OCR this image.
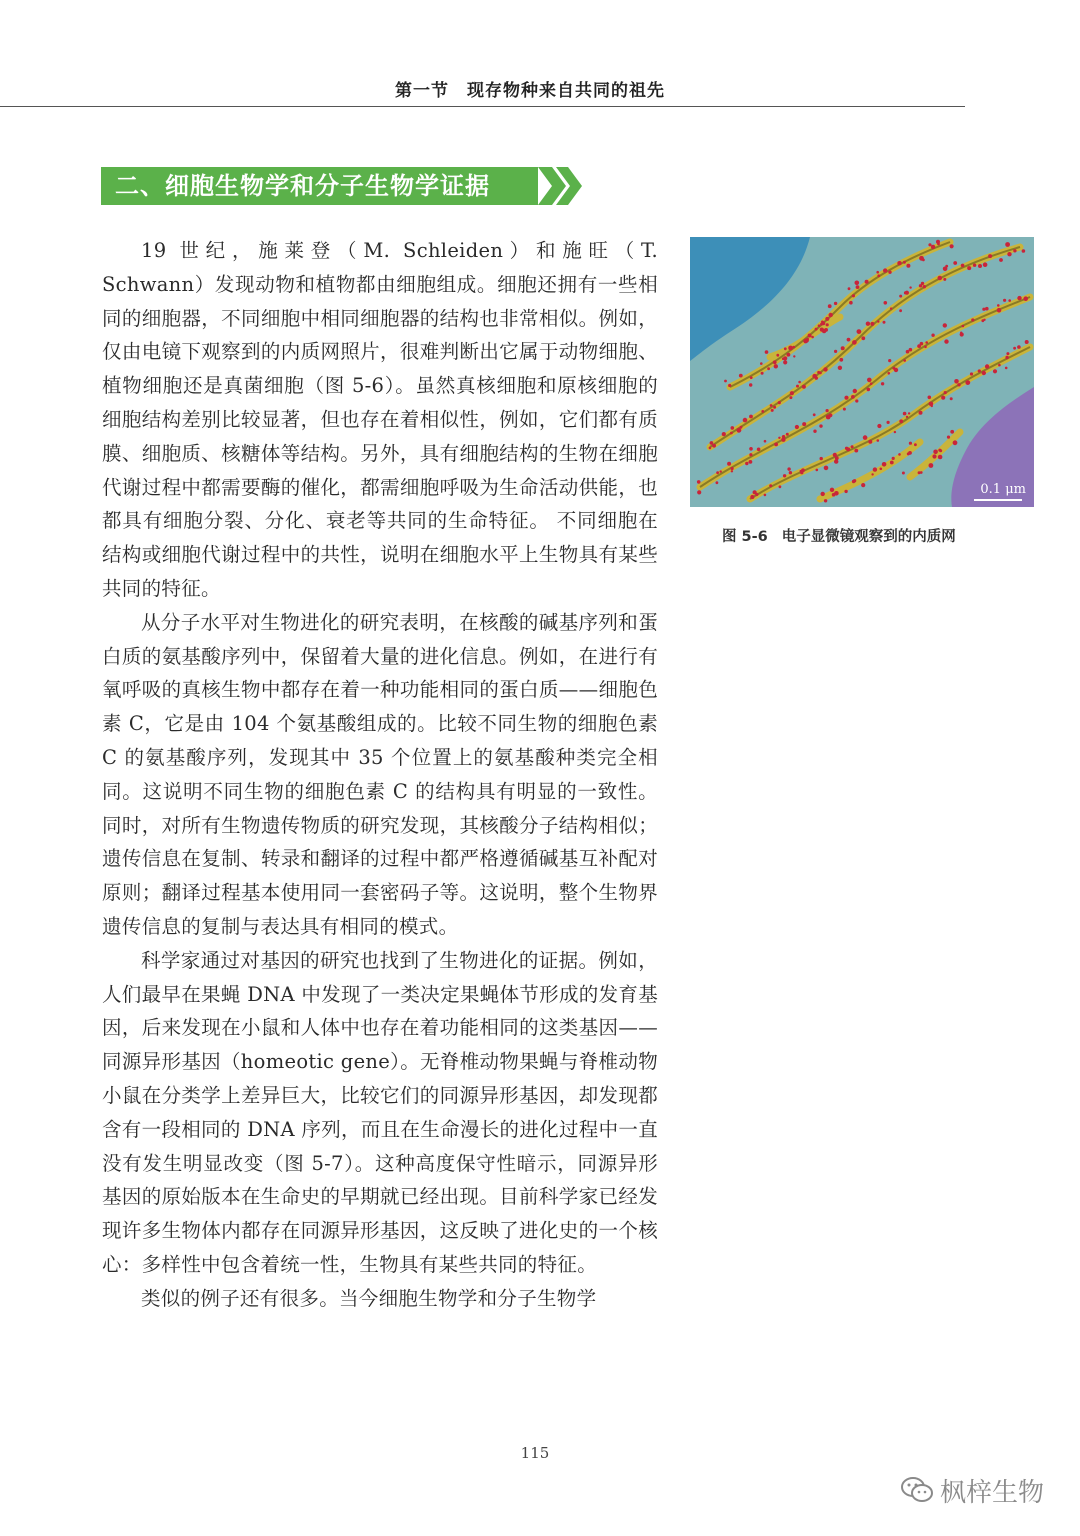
第一节 现存物种来自共同的祖先
二、细胞生物学和分子生物学证据

19 世纪，施莱登（M. Schleiden）和施旺（T. Schwann）发现动物和植物都由细胞组成。细胞还拥有一些相同的细胞器，不同细胞中相同细胞器的结构也非常相似。例如，仅由电镜下观察到的内质网照片，很难判断出它属于动物细胞、植物细胞还是真菌细胞（图 5-6）。虽然真核细胞和原核细胞的细胞结构差别比较显著，但也存在着相似性，例如，它们都有质膜、细胞质、核糖体等结构。另外，具有细胞结构的生物在细胞代谢过程中都需要酶的催化，都需细胞呼吸为生命活动供能，也都具有细胞分裂、分化、衰老等共同的生命特征。 不同细胞在结构或细胞代谢过程中的共性，说明在细胞水平上生物具有某些共同的特征。

从分子水平对生物进化的研究表明，在核酸的碱基序列和蛋白质的氨基酸序列中，保留着大量的进化信息。例如，在进行有氧呼吸的真核生物中都存在着一种功能相同的蛋白质——细胞色素 C，它是由 104 个氨基酸组成的。比较不同生物的细胞色素 C 的氨基酸序列，发现其中 35 个位置上的氨基酸种类完全相同。这说明不同生物的细胞色素 C 的结构具有明显的一致性。同时，对所有生物遗传物质的研究发现，其核酸分子结构相似；遗传信息在复制、转录和翻译的过程中都严格遵循碱基互补配对原则；翻译过程基本使用同一套密码子等。这说明，整个生物界遗传信息的复制与表达具有相同的模式。

科学家通过对基因的研究也找到了生物进化的证据。例如，人们最早在果蝇 DNA 中发现了一类决定果蝇体节形成的发育基因，后来发现在小鼠和人体中也存在着功能相同的这类基因——同源异形基因（homeotic gene）。无脊椎动物果蝇与脊椎动物小鼠在分类学上差异巨大，比较它们的同源异形基因，却发现都含有一段相同的 DNA 序列，而且在生命漫长的进化过程中一直没有发生明显改变（图 5-7）。这种高度保守性暗示，同源异形基因的原始版本在生命史的早期就已经出现。目前科学家已经发现许多生物体内都存在同源异形基因，这反映了进化史的一个核心：多样性中包含着统一性，生物具有某些共同的特征。

类似的例子还有很多。当今细胞生物学和分子生物学

0.1 μm
图 5-6 电子显微镜观察到的内质网
115
枫梓生物
